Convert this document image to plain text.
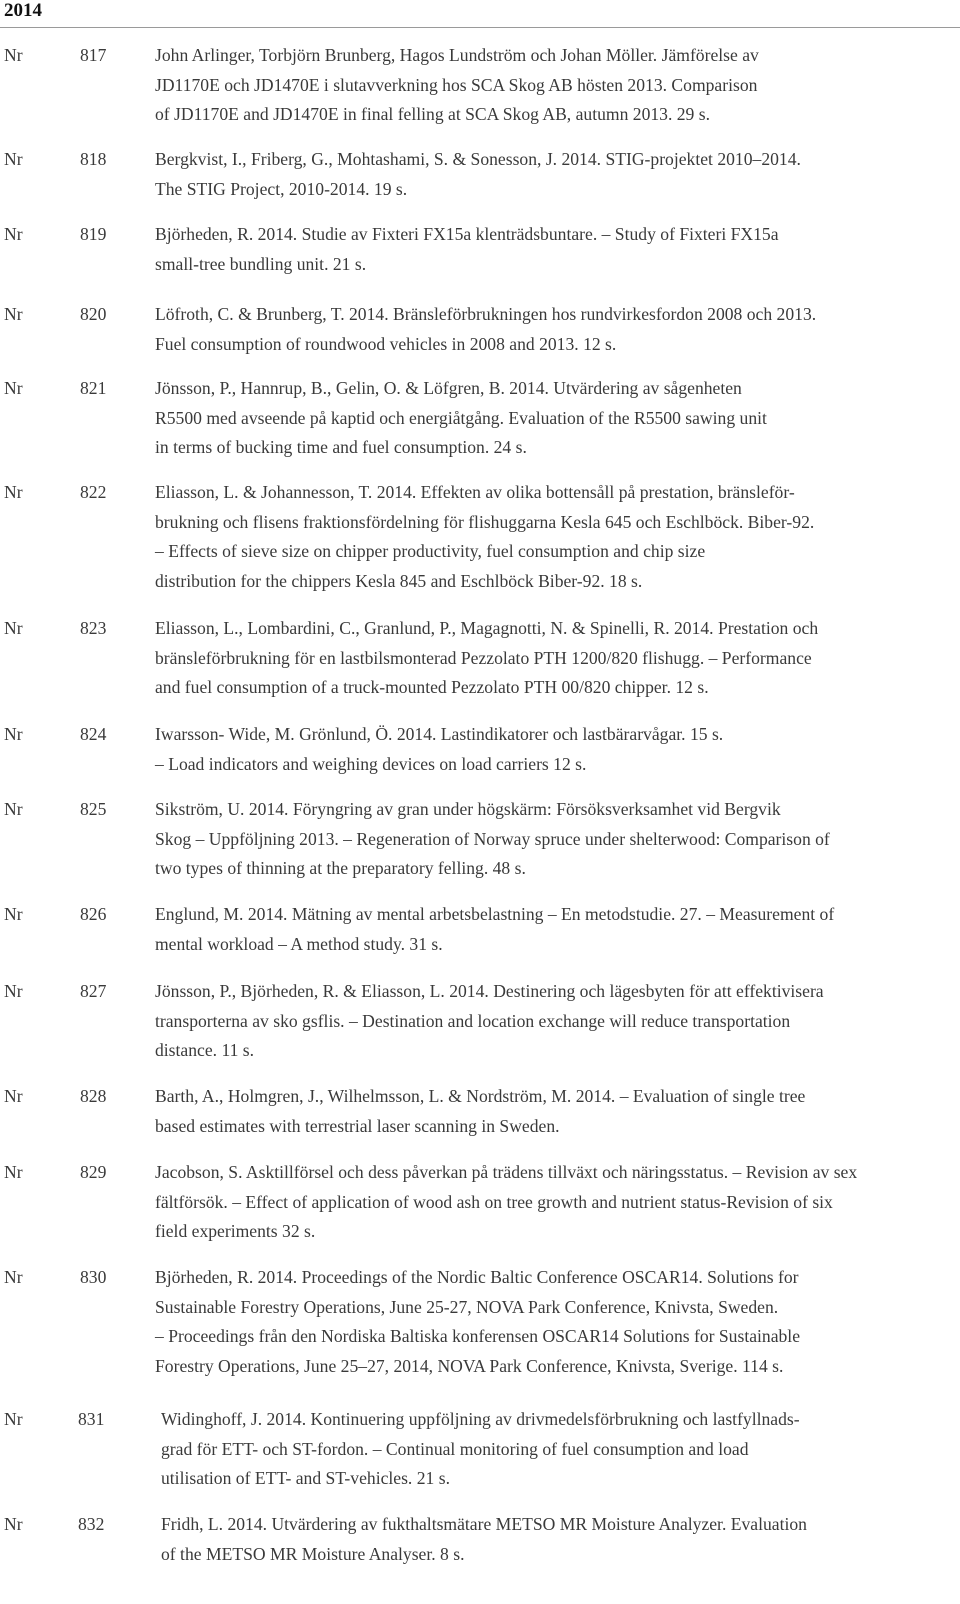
2014
Nr	817	John Arlinger, Torbjörn Brunberg, Hagos Lundström och Johan Möller. Jämförelse av
JD1170E och JD1470E i slutavverkning hos SCA Skog AB hösten 2013. Comparison
of JD1170E and JD1470E in final felling at SCA Skog AB, autumn 2013. 29 s.
Nr	818	Bergkvist, I., Friberg, G., Mohtashami, S. & Sonesson, J. 2014. STIG-projektet 2010–2014.
The STIG Project, 2010-2014. 19 s.
Nr	819	Björheden, R. 2014. Studie av Fixteri FX15a klenträdsbuntare. – Study of Fixteri FX15a
small-tree bundling unit. 21 s.
Nr	820	Löfroth, C. & Brunberg, T. 2014. Bränsleförbrukningen hos rundvirkesfordon 2008 och 2013.
Fuel consumption of roundwood vehicles in 2008 and 2013. 12 s.
Nr	821	Jönsson, P., Hannrup, B., Gelin, O. & Löfgren, B. 2014. Utvärdering av sågenheten
R5500 med avseende på kaptid och energiåtgång. Evaluation of the R5500 sawing unit
in terms of bucking time and fuel consumption. 24 s.
Nr	822	Eliasson, L. & Johannesson, T. 2014. Effekten av olika bottensåll på prestation, bränsleför-
brukning och flisens fraktionsfördelning för flishuggarna Kesla 645 och Eschlböck. Biber-92.
– Effects of sieve size on chipper productivity, fuel consumption and chip size
distribution for the chippers Kesla 845 and Eschlböck Biber-92. 18 s.
Nr	823	Eliasson, L., Lombardini, C., Granlund, P., Magagnotti, N. & Spinelli, R. 2014. Prestation och
bränsleförbrukning för en lastbilsmonterad Pezzolato PTH 1200/820 flishugg. – Performance
and fuel consumption of a truck-mounted Pezzolato PTH 00/820 chipper. 12 s.
Nr	824	Iwarsson- Wide, M. Grönlund, Ö. 2014. Lastindikatorer och lastbärarvågar. 15 s.
– Load indicators and weighing devices on load carriers 12 s.
Nr	825	Sikström, U. 2014. Föryngring av gran under högskärm: Försöksverksamhet vid Bergvik
Skog – Uppföljning 2013. – Regeneration of Norway spruce under shelterwood: Comparison of
two types of thinning at the preparatory felling. 48 s.
Nr	826	Englund, M. 2014. Mätning av mental arbetsbelastning – En metodstudie. 27. – Measurement of
mental workload – A method study. 31 s.
Nr	827	Jönsson, P., Björheden, R. & Eliasson, L. 2014. Destinering och lägesbyten för att effektivisera
transporterna av sko gsflis. – Destination and location exchange will reduce transportation
distance. 11 s.
Nr	828	Barth, A., Holmgren, J., Wilhelmsson, L. & Nordström, M. 2014. – Evaluation of single tree
based estimates with terrestrial laser scanning in Sweden.
Nr	829	Jacobson, S. Asktillförsel och dess påverkan på trädens tillväxt och näringsstatus. – Revision av sex
fältförsök. – Effect of application of wood ash on tree growth and nutrient status-Revision of six
field experiments 32 s.
Nr	830	Björheden, R. 2014. Proceedings of the Nordic Baltic Conference OSCAR14. Solutions for
Sustainable Forestry Operations, June 25-27, NOVA Park Conference, Knivsta, Sweden.
– Proceedings från den Nordiska Baltiska konferensen OSCAR14 Solutions for Sustainable
Forestry Operations, June 25–27, 2014, NOVA Park Conference, Knivsta, Sverige. 114 s.
Nr	831	Widinghoff, J. 2014. Kontinuering uppföljning av drivmedelsförbrukning och lastfyllnads-
grad för ETT- och ST-fordon. – Continual monitoring of fuel consumption and load
utilisation of ETT- and ST-vehicles. 21 s.
Nr	832	Fridh, L. 2014. Utvärdering av fukthaltsmätare METSO MR Moisture Analyzer. Evaluation
of the METSO MR Moisture Analyser. 8 s.
